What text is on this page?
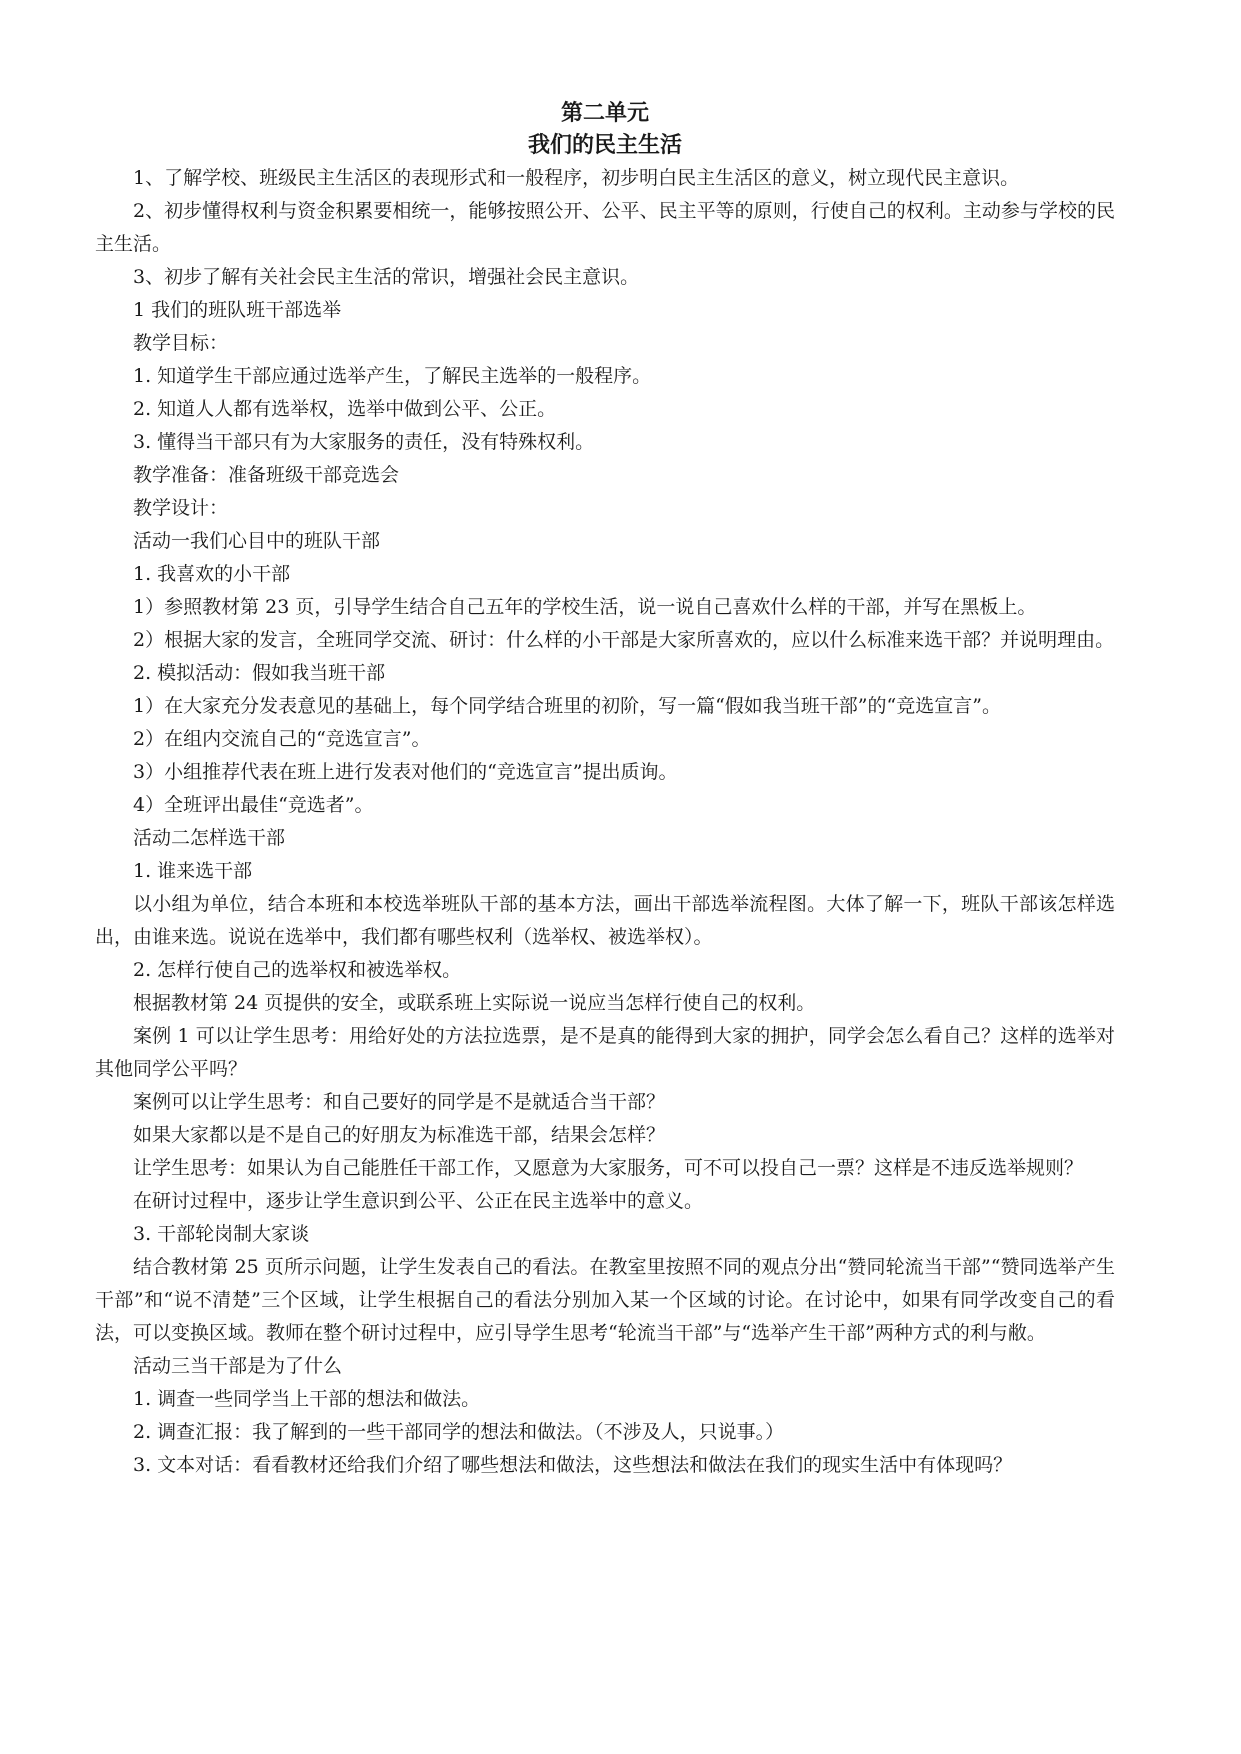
第二单元
我们的民主生活

1、了解学校、班级民主生活区的表现形式和一般程序，初步明白民主生活区的意义，树立现代民主意识。

2、初步懂得权利与资金积累要相统一，能够按照公开、公平、民主平等的原则，行使自己的权利。主动参与学校的民主生活。

3、初步了解有关社会民主生活的常识，增强社会民主意识。

1 我们的班队班干部选举

教学目标：

1. 知道学生干部应通过选举产生，了解民主选举的一般程序。

2. 知道人人都有选举权，选举中做到公平、公正。

3. 懂得当干部只有为大家服务的责任，没有特殊权利。

教学准备：准备班级干部竞选会

教学设计：

活动一我们心目中的班队干部

1. 我喜欢的小干部

1）参照教材第 23 页，引导学生结合自己五年的学校生活，说一说自己喜欢什么样的干部，并写在黑板上。

2）根据大家的发言，全班同学交流、研讨：什么样的小干部是大家所喜欢的，应以什么标准来选干部？并说明理由。

2. 模拟活动：假如我当班干部

1）在大家充分发表意见的基础上，每个同学结合班里的初阶，写一篇“假如我当班干部”的“竞选宣言”。

2）在组内交流自己的“竞选宣言”。

3）小组推荐代表在班上进行发表对他们的“竞选宣言”提出质询。

4）全班评出最佳“竞选者”。

活动二怎样选干部

1. 谁来选干部

以小组为单位，结合本班和本校选举班队干部的基本方法，画出干部选举流程图。大体了解一下，班队干部该怎样选出，由谁来选。说说在选举中，我们都有哪些权利（选举权、被选举权）。

2. 怎样行使自己的选举权和被选举权。

根据教材第 24 页提供的安全，或联系班上实际说一说应当怎样行使自己的权利。

案例 1 可以让学生思考：用给好处的方法拉选票，是不是真的能得到大家的拥护，同学会怎么看自己？这样的选举对其他同学公平吗？

案例可以让学生思考：和自己要好的同学是不是就适合当干部？

如果大家都以是不是自己的好朋友为标准选干部，结果会怎样？

让学生思考：如果认为自己能胜任干部工作，又愿意为大家服务，可不可以投自己一票？这样是不违反选举规则？

在研讨过程中，逐步让学生意识到公平、公正在民主选举中的意义。

3. 干部轮岗制大家谈

结合教材第 25 页所示问题，让学生发表自己的看法。在教室里按照不同的观点分出“赞同轮流当干部”“赞同选举产生干部”和“说不清楚”三个区域，让学生根据自己的看法分别加入某一个区域的讨论。在讨论中，如果有同学改变自己的看法，可以变换区域。教师在整个研讨过程中，应引导学生思考“轮流当干部”与“选举产生干部”两种方式的利与敝。

活动三当干部是为了什么

1. 调查一些同学当上干部的想法和做法。

2. 调查汇报：我了解到的一些干部同学的想法和做法。（不涉及人，只说事。）

3. 文本对话：看看教材还给我们介绍了哪些想法和做法，这些想法和做法在我们的现实生活中有体现吗？
